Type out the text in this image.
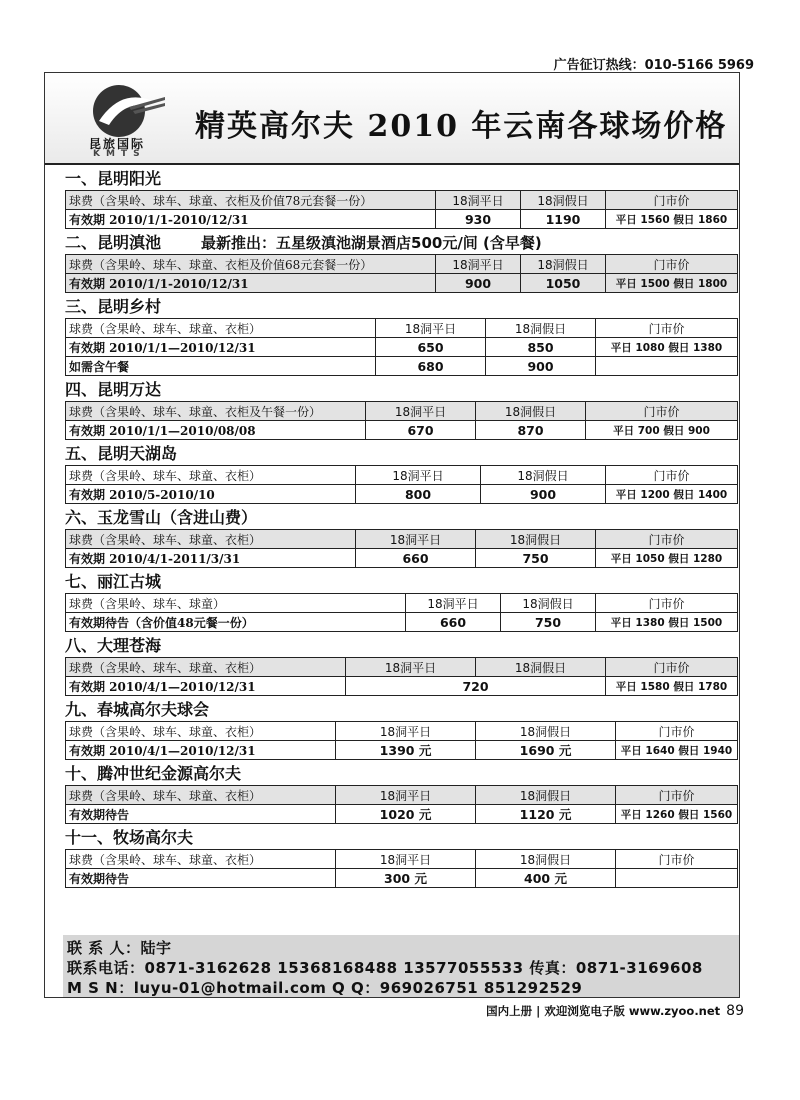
广告征订热线：010-5166 5969
昆旅国际
KMTS
精英高尔夫 2010 年云南各球场价格
一、昆明阳光
球费（含果岭、球车、球童、衣柜及价值78元套餐一份）	18洞平日	18洞假日	门市价
有效期 2010/1/1-2010/12/31	930	1190	平日 1560 假日 1860
二、昆明滇池	最新推出：五星级滇池湖景酒店500元/间 (含早餐)
球费（含果岭、球车、球童、衣柜及价值68元套餐一份）	18洞平日	18洞假日	门市价
有效期 2010/1/1-2010/12/31	900	1050	平日 1500 假日 1800
三、昆明乡村
球费（含果岭、球车、球童、衣柜）	18洞平日	18洞假日	门市价
有效期 2010/1/1—2010/12/31	650	850	平日 1080 假日 1380
如需含午餐	680	900	
四、昆明万达
球费（含果岭、球车、球童、衣柜及午餐一份）	18洞平日	18洞假日	门市价
有效期 2010/1/1—2010/08/08	670	870	平日 700 假日 900
五、昆明天湖岛
球费（含果岭、球车、球童、衣柜）	18洞平日	18洞假日	门市价
有效期 2010/5-2010/10	800	900	平日 1200 假日 1400
六、玉龙雪山（含进山费）
球费（含果岭、球车、球童、衣柜）	18洞平日	18洞假日	门市价
有效期 2010/4/1-2011/3/31	660	750	平日 1050 假日 1280
七、丽江古城
球费（含果岭、球车、球童）	18洞平日	18洞假日	门市价
有效期待告（含价值48元餐一份）	660	750	平日 1380 假日 1500
八、大理苍海
球费（含果岭、球车、球童、衣柜）	18洞平日	18洞假日	门市价
有效期 2010/4/1—2010/12/31	720		平日 1580 假日 1780
九、春城高尔夫球会
球费（含果岭、球车、球童、衣柜）	18洞平日	18洞假日	门市价
有效期 2010/4/1—2010/12/31	1390 元	1690 元	平日 1640 假日 1940
十、腾冲世纪金源高尔夫
球费（含果岭、球车、球童、衣柜）	18洞平日	18洞假日	门市价
有效期待告	1020 元	1120 元	平日 1260 假日 1560
十一、牧场高尔夫
球费（含果岭、球车、球童、衣柜）	18洞平日	18洞假日	门市价
有效期待告	300 元	400 元	
联 系 人：陆宇
联系电话：0871-3162628 15368168488 13577055533 传真：0871-3169608
M S N：luyu-01@hotmail.com Q Q：969026751 851292529
国内上册 | 欢迎浏览电子版 www.zyoo.net 89
